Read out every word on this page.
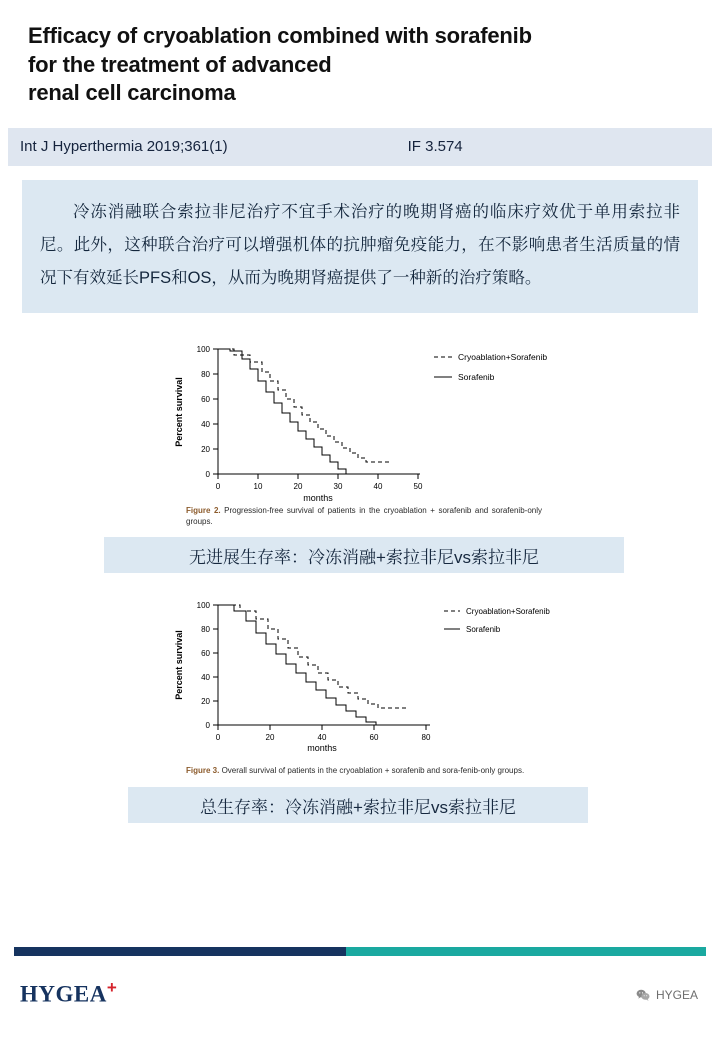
Efficacy of cryoablation combined with sorafenib
for the treatment of advanced
renal cell carcinoma
Int J Hyperthermia 2019;361(1)	IF 3.574
冷冻消融联合索拉非尼治疗不宜手术治疗的晚期肾癌的临床疗效优于单用索拉非尼。此外，这种联合治疗可以增强机体的抗肿瘤免疫能力，在不影响患者生活质量的情况下有效延长PFS和OS，从而为晚期肾癌提供了一种新的治疗策略。
0
20
40
60
80
100
0	10	20	30	40	50
months
Percent survival
Cryoablation+Sorafenib
Sorafenib
Figure 2. Progression-free survival of patients in the cryoablation + sorafenib and sorafenib-only groups.
无进展生存率：冷冻消融+索拉非尼vs索拉非尼
0
20
40
60
80
100
0	20	40	60	80
months
Percent survival
Cryoablation+Sorafenib
Sorafenib
Figure 3. Overall survival of patients in the cryoablation + sorafenib and sora-fenib-only groups.
总生存率：冷冻消融+索拉非尼vs索拉非尼
HYGEA+	HYGEA
